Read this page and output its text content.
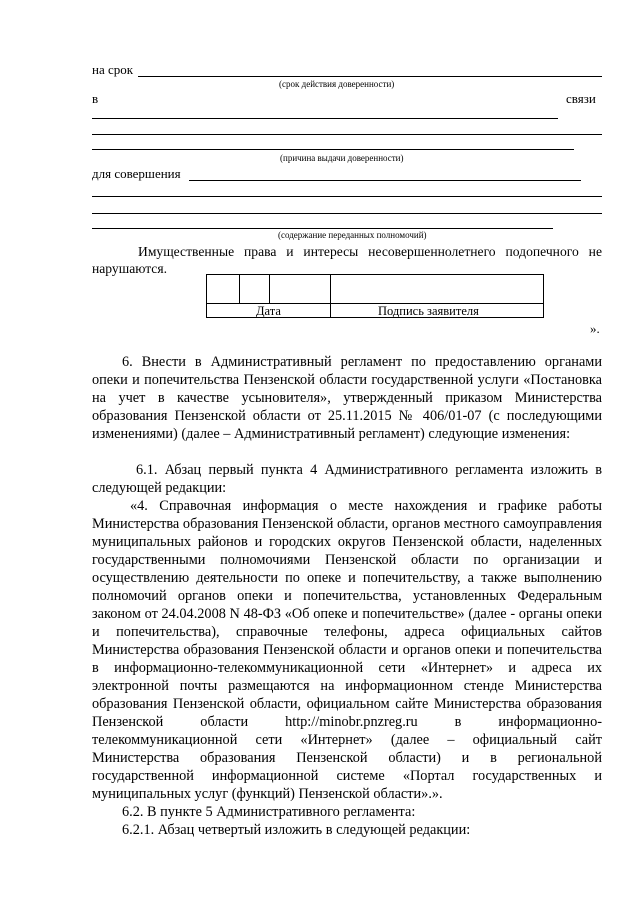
на срок
(срок действия доверенности)
в	связи
(причина выдачи доверенности)
для совершения
(содержание переданных полномочий)
Имущественные права и интересы несовершеннолетнего подопечного не нарушаются.
Дата	Подпись заявителя
».
6. Внести в Административный регламент по предоставлению органами опеки и попечительства Пензенской области государственной услуги «Постановка на учет в качестве усыновителя», утвержденный приказом Министерства образования Пензенской области от 25.11.2015 № 406/01-07 (с последующими изменениями) (далее – Административный регламент) следующие изменения:
6.1. Абзац первый пункта 4 Административного регламента изложить в следующей редакции:
«4. Справочная информация о месте нахождения и графике работы Министерства образования Пензенской области, органов местного самоуправления муниципальных районов и городских округов Пензенской области, наделенных государственными полномочиями Пензенской области по организации и осуществлению деятельности по опеке и попечительству, а также выполнению полномочий органов опеки и попечительства, установленных Федеральным законом от 24.04.2008 N 48-ФЗ «Об опеке и попечительстве» (далее - органы опеки и попечительства), справочные телефоны, адреса официальных сайтов Министерства образования Пензенской области и органов опеки и попечительства в информационно-телекоммуникационной сети «Интернет» и адреса их электронной почты размещаются на информационном стенде Министерства образования Пензенской области, официальном сайте Министерства образования Пензенской области http://minobr.pnzreg.ru в информационно-телекоммуникационной сети «Интернет» (далее – официальный сайт Министерства образования Пензенской области) и в региональной государственной информационной системе «Портал государственных и муниципальных услуг (функций) Пензенской области».».
6.2. В пункте 5 Административного регламента:
6.2.1. Абзац четвертый изложить в следующей редакции:
